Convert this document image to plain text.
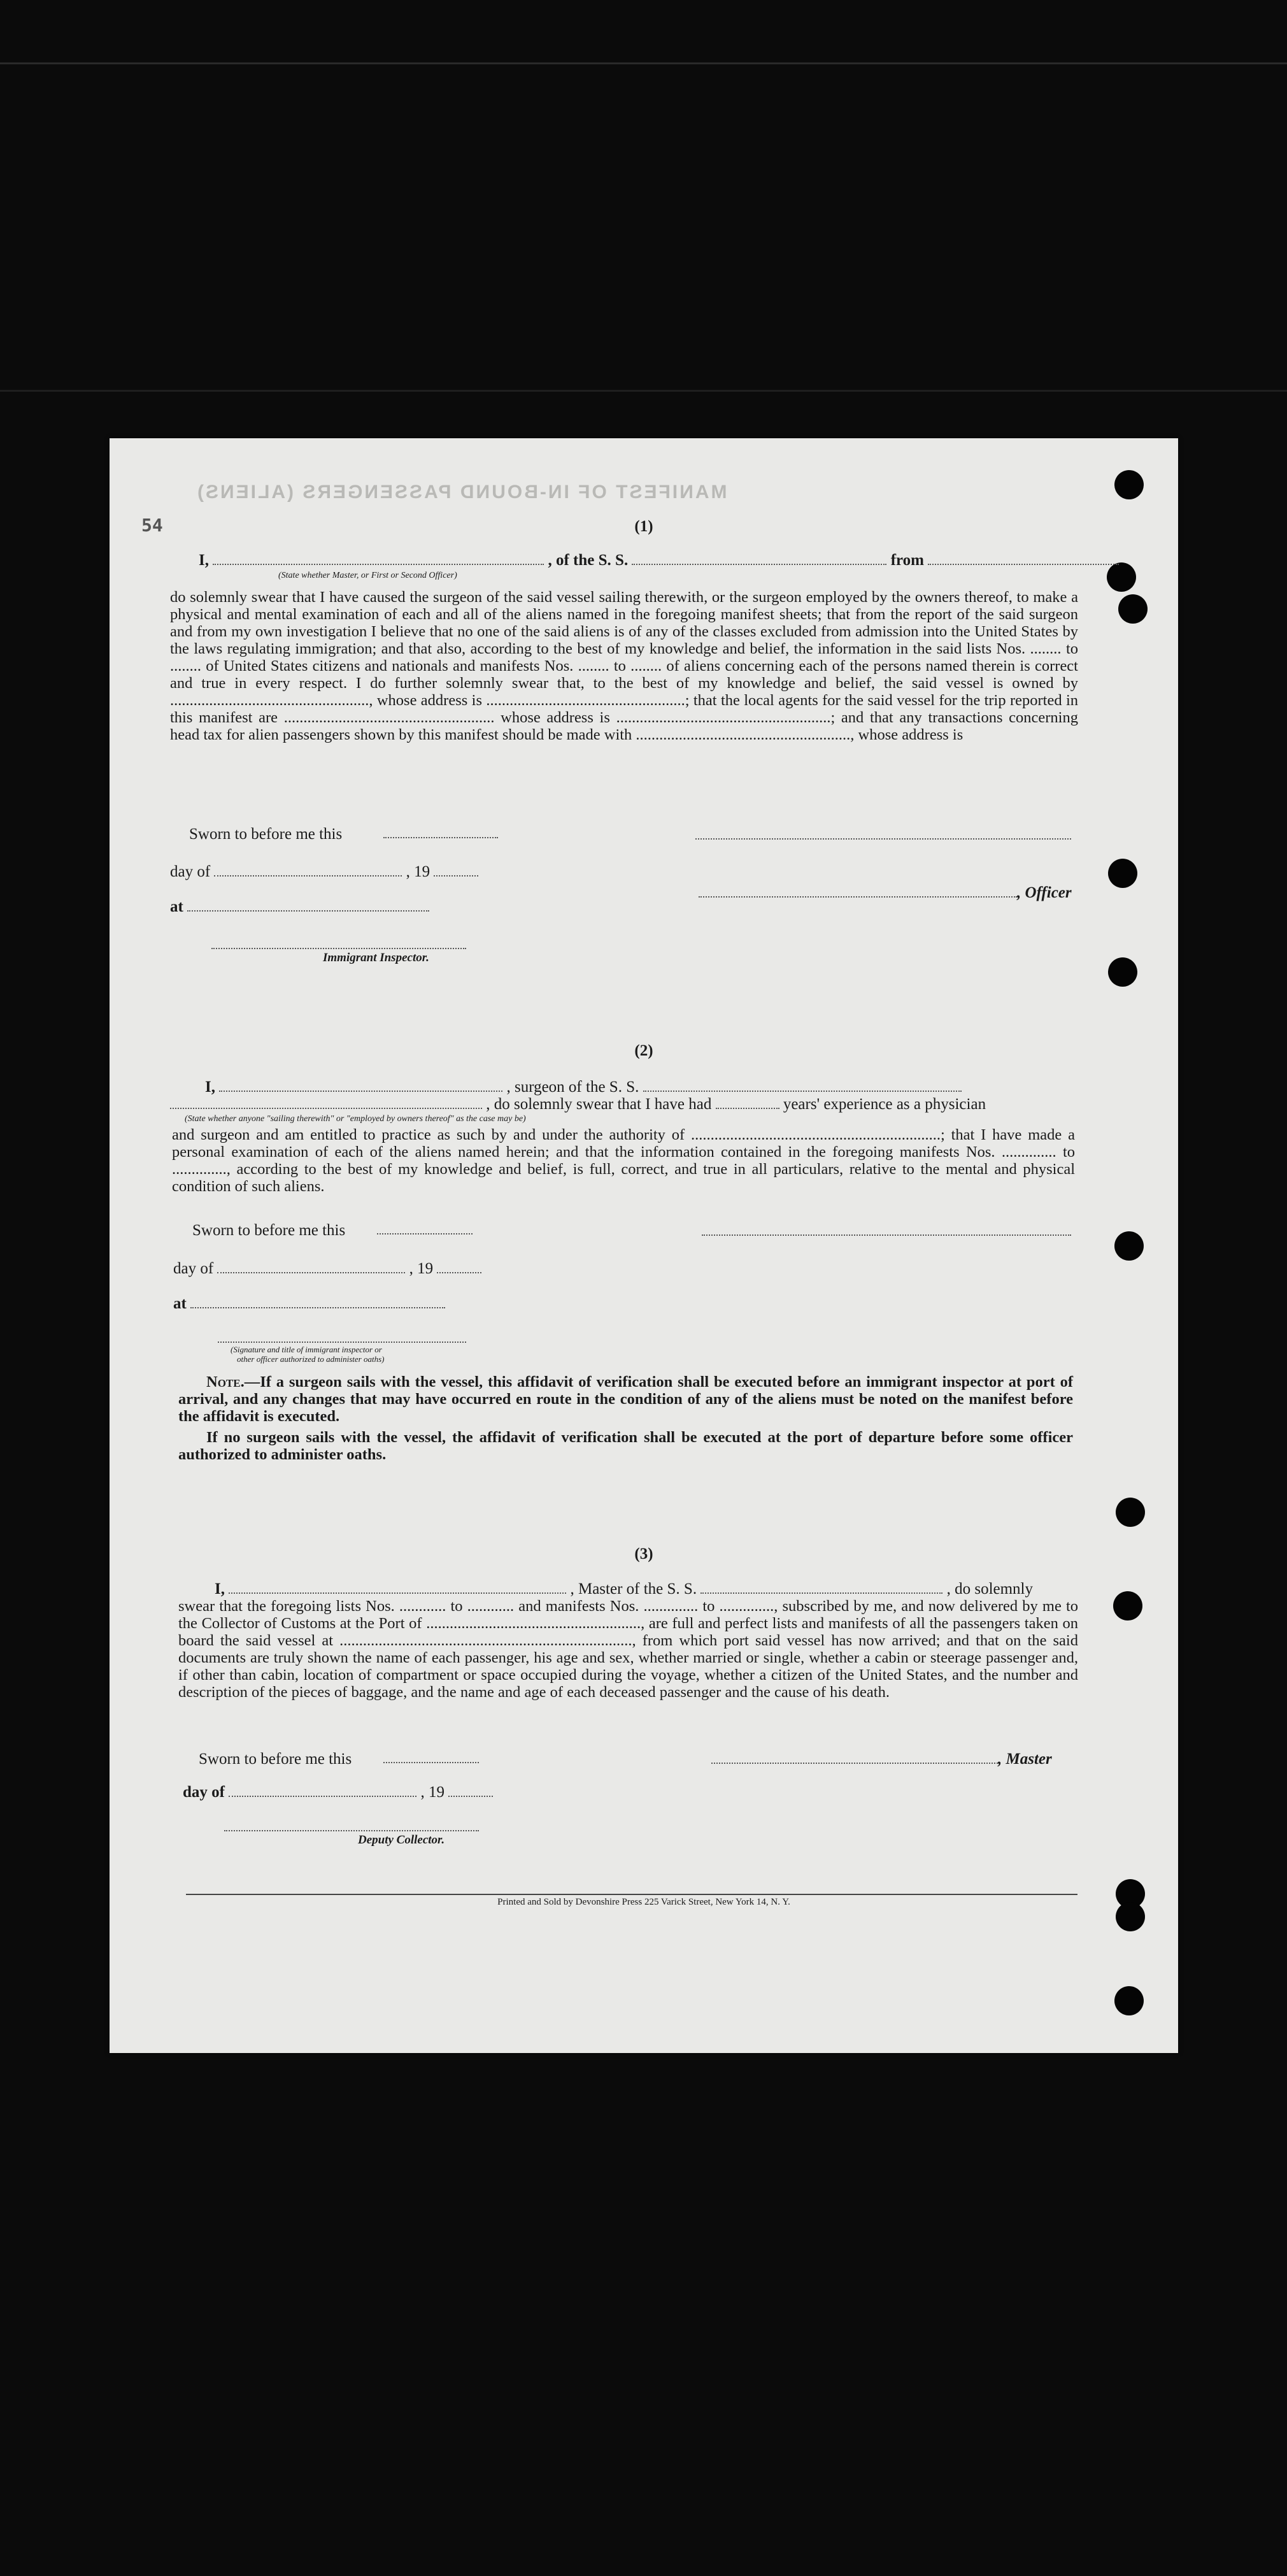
MANIFEST OF IN-BOUND PASSENGERS (ALIENS)
54	(1)
I,	, of the S. S.	from
(State whether Master, or First or Second Officer)
do solemnly swear that I have caused the surgeon of the said vessel sailing therewith, or the surgeon employed by the owners thereof, to make a physical and mental examination of each and all of the aliens named in the foregoing manifest sheets; that from the report of the said surgeon and from my own investigation I believe that no one of the said aliens is of any of the classes excluded from admission into the United States by the laws regulating immigration; and that also, according to the best of my knowledge and belief, the information in the said lists Nos. ........ to ........ of United States citizens and nationals and manifests Nos. ........ to ........ of aliens concerning each of the persons named therein is correct and true in every respect. I do further solemnly swear that, to the best of my knowledge and belief, the said vessel is owned by ..................................................., whose address is ...................................................; that the local agents for the said vessel for the trip reported in this manifest are ...................................................... whose address is .......................................................; and that any transactions concerning head tax for alien passengers shown by this manifest should be made with ......................................................., whose address is
Sworn to before me this
day of	, 19
, Officer
at
Immigrant Inspector.
(2)
I,	, surgeon of the S. S.
, do solemnly swear that I have had	years' experience as a physician
(State whether anyone "sailing therewith" or "employed by owners thereof" as the case may be)
and surgeon and am entitled to practice as such by and under the authority of ................................................................; that I have made a personal examination of each of the aliens named herein; and that the information contained in the foregoing manifests Nos. .............. to .............., according to the best of my knowledge and belief, is full, correct, and true in all particulars, relative to the mental and physical condition of such aliens.
Sworn to before me this
day of	, 19
at
(Signature and title of immigrant inspector or
other officer authorized to administer oaths)
Note.—If a surgeon sails with the vessel, this affidavit of verification shall be executed before an immigrant inspector at port of arrival, and any changes that may have occurred en route in the condition of any of the aliens must be noted on the manifest before the affidavit is executed.
If no surgeon sails with the vessel, the affidavit of verification shall be executed at the port of departure before some officer authorized to administer oaths.
(3)
I,	, Master of the S. S.	, do solemnly
swear that the foregoing lists Nos. ............ to ............ and manifests Nos. .............. to .............., subscribed by me, and now delivered by me to the Collector of Customs at the Port of ......................................................., are full and perfect lists and manifests of all the passengers taken on board the said vessel at ..........................................................................., from which port said vessel has now arrived; and that on the said documents are truly shown the name of each passenger, his age and sex, whether married or single, whether a cabin or steerage passenger and, if other than cabin, location of compartment or space occupied during the voyage, whether a citizen of the United States, and the number and description of the pieces of baggage, and the name and age of each deceased passenger and the cause of his death.
Sworn to before me this	, Master
day of	, 19
Deputy Collector.
Printed and Sold by Devonshire Press 225 Varick Street, New York 14, N. Y.
